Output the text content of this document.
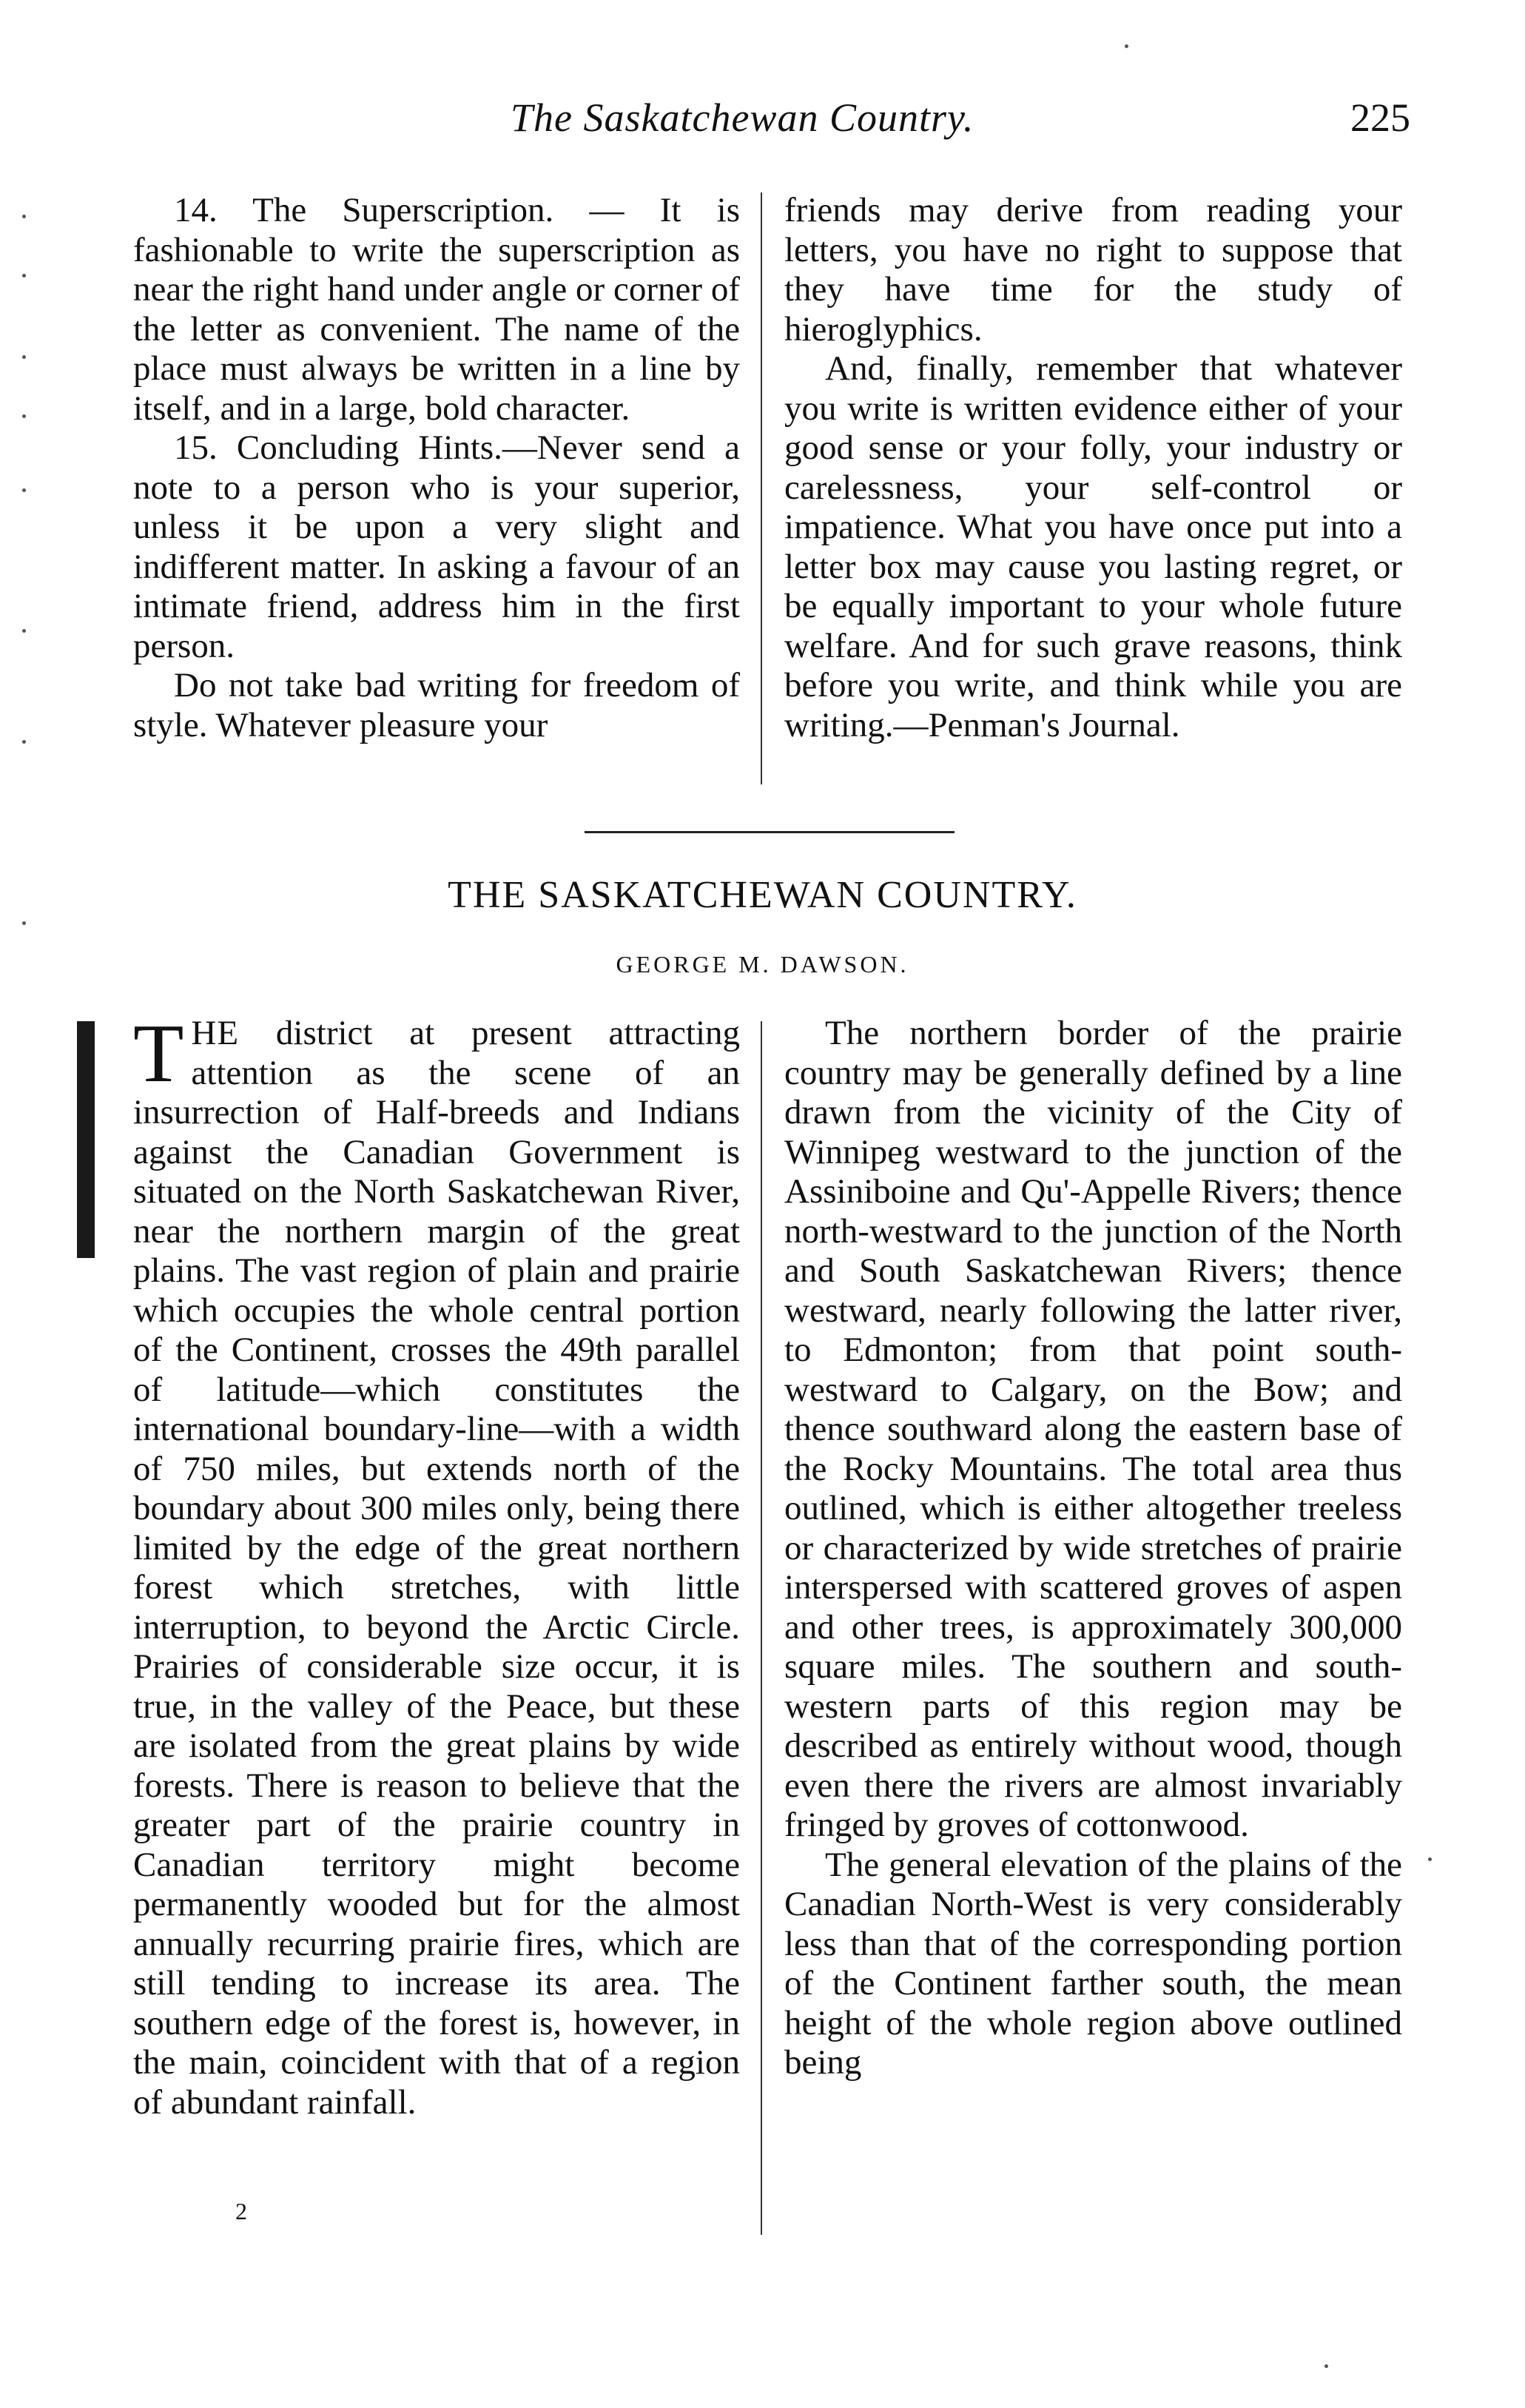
The Saskatchewan Country.	225

14. The Superscription. — It is fashionable to write the superscription as near the right hand under angle or corner of the letter as convenient. The name of the place must always be written in a line by itself, and in a large, bold character.

15. Concluding Hints.—Never send a note to a person who is your superior, unless it be upon a very slight and indifferent matter. In asking a favour of an intimate friend, address him in the first person.

Do not take bad writing for freedom of style. Whatever pleasure your

friends may derive from reading your letters, you have no right to suppose that they have time for the study of hieroglyphics.

And, finally, remember that whatever you write is written evidence either of your good sense or your folly, your industry or carelessness, your self-control or impatience. What you have once put into a letter box may cause you lasting regret, or be equally important to your whole future welfare. And for such grave reasons, think before you write, and think while you are writing.—Penman's Journal.

THE SASKATCHEWAN COUNTRY.
GEORGE M. DAWSON.

THE district at present attracting attention as the scene of an insurrection of Half-breeds and Indians against the Canadian Government is situated on the North Saskatchewan River, near the northern margin of the great plains. The vast region of plain and prairie which occupies the whole central portion of the Continent, crosses the 49th parallel of latitude—which constitutes the international boundary-line—with a width of 750 miles, but extends north of the boundary about 300 miles only, being there limited by the edge of the great northern forest which stretches, with little interruption, to beyond the Arctic Circle. Prairies of considerable size occur, it is true, in the valley of the Peace, but these are isolated from the great plains by wide forests. There is reason to believe that the greater part of the prairie country in Canadian territory might become permanently wooded but for the almost annually recurring prairie fires, which are still tending to increase its area. The southern edge of the forest is, however, in the main, coincident with that of a region of abundant rainfall.

The northern border of the prairie country may be generally defined by a line drawn from the vicinity of the City of Winnipeg westward to the junction of the Assiniboine and Qu'-Appelle Rivers; thence north-westward to the junction of the North and South Saskatchewan Rivers; thence westward, nearly following the latter river, to Edmonton; from that point south-westward to Calgary, on the Bow; and thence southward along the eastern base of the Rocky Mountains. The total area thus outlined, which is either altogether treeless or characterized by wide stretches of prairie interspersed with scattered groves of aspen and other trees, is approximately 300,000 square miles. The southern and south-western parts of this region may be described as entirely without wood, though even there the rivers are almost invariably fringed by groves of cottonwood.

The general elevation of the plains of the Canadian North-West is very considerably less than that of the corresponding portion of the Continent farther south, the mean height of the whole region above outlined being

2
